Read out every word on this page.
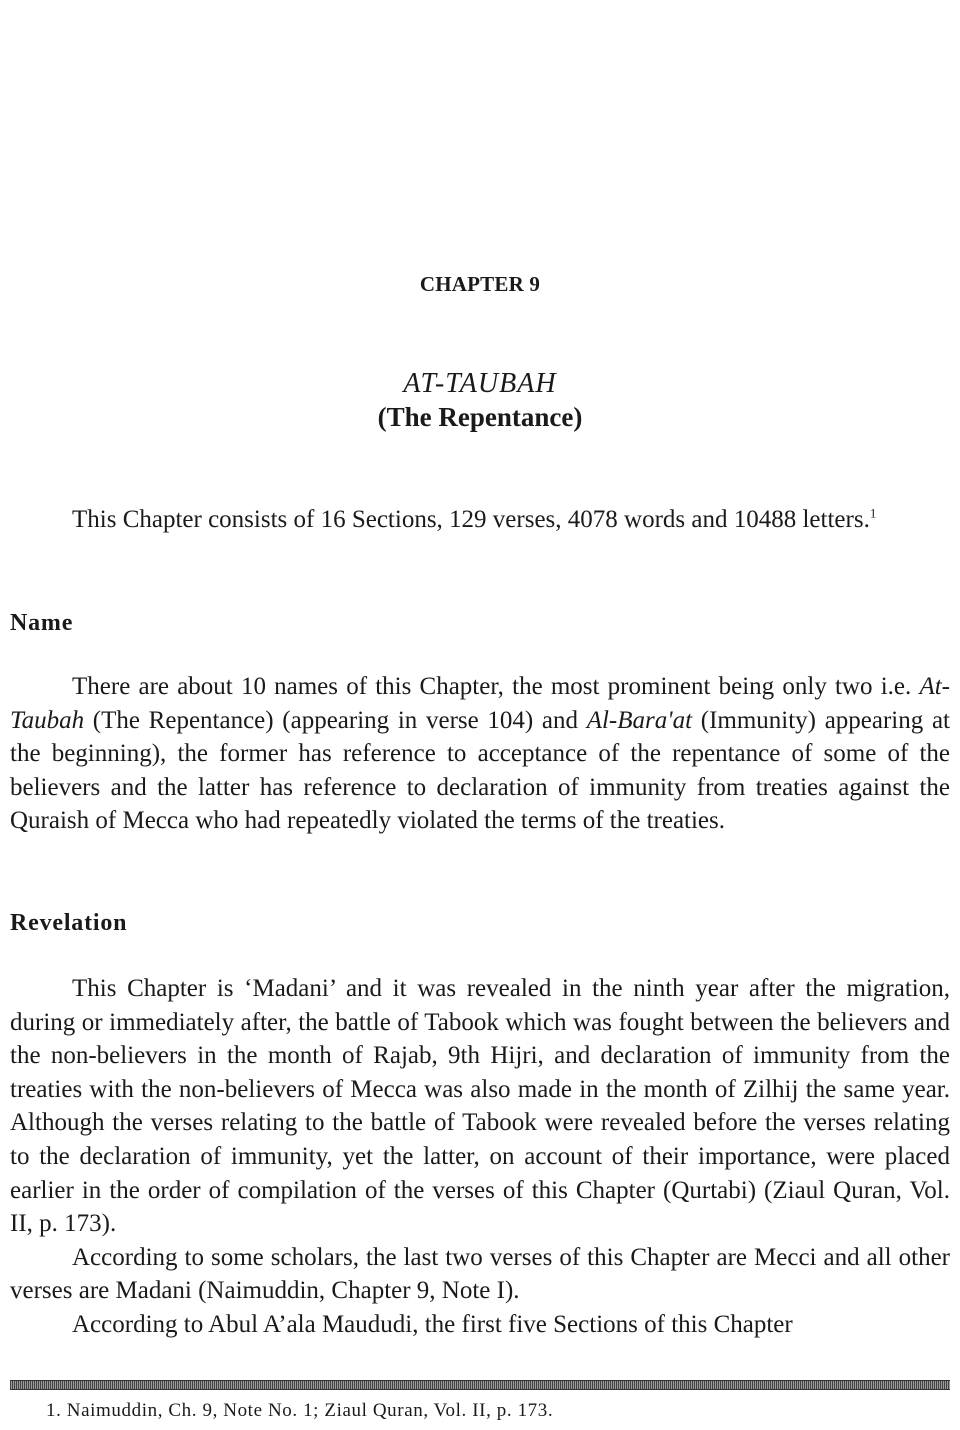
CHAPTER 9
AT-TAUBAH
(The Repentance)

This Chapter consists of 16 Sections, 129 verses, 4078 words and 10488 letters.$^1$

Name

There are about 10 names of this Chapter, the most prominent being only two i.e. At-Taubah (The Repentance) (appearing in verse 104) and Al-Bara'at (Immunity) appearing at the beginning), the former has reference to acceptance of the repentance of some of the believers and the latter has reference to declaration of immunity from treaties against the Quraish of Mecca who had repeatedly violated the terms of the treaties.

Revelation

This Chapter is ‘Madani’ and it was revealed in the ninth year after the migration, during or immediately after, the battle of Tabook which was fought between the believers and the non-believers in the month of Rajab, 9th Hijri, and declaration of immunity from the treaties with the non-believers of Mecca was also made in the month of Zilhij the same year. Although the verses relating to the battle of Tabook were revealed before the verses relating to the declaration of immunity, yet the latter, on account of their importance, were placed earlier in the order of compilation of the verses of this Chapter (Qurtabi) (Ziaul Quran, Vol. II, p. 173).

According to some scholars, the last two verses of this Chapter are Mecci and all other verses are Madani (Naimuddin, Chapter 9, Note I).

According to Abul A’ala Maududi, the first five Sections of this Chapter

1. Naimuddin, Ch. 9, Note No. 1; Ziaul Quran, Vol. II, p. 173.
